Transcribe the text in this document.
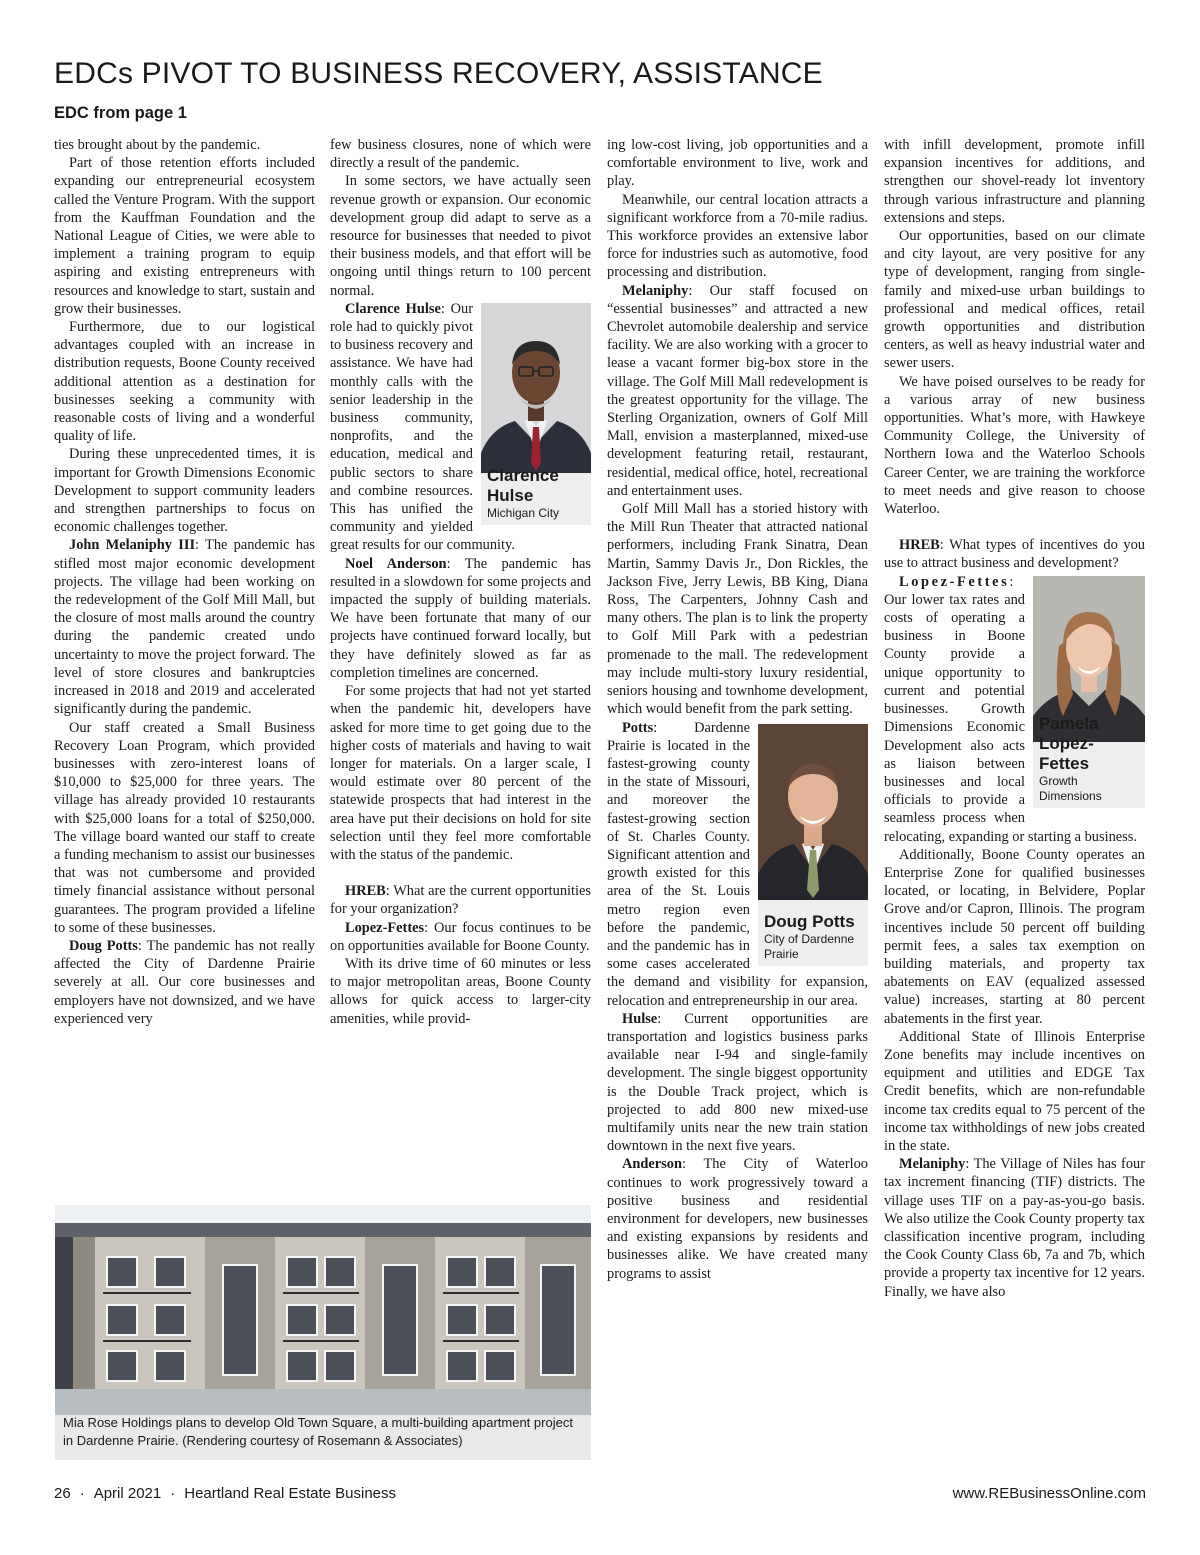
EDCs PIVOT TO BUSINESS RECOVERY, ASSISTANCE
EDC from page 1

ties brought about by the pandemic.

Part of those retention efforts included expanding our entrepreneurial ecosystem called the Venture Program. With the support from the Kauffman Foundation and the National League of Cities, we were able to implement a training program to equip aspiring and existing entrepreneurs with resources and knowledge to start, sustain and grow their businesses.

Furthermore, due to our logistical advantages coupled with an increase in distribution requests, Boone County received additional attention as a destination for businesses seeking a community with reasonable costs of living and a wonderful quality of life.

During these unprecedented times, it is important for Growth Dimensions Economic Development to support community leaders and strengthen partnerships to focus on economic challenges together.

John Melaniphy III: The pandemic has stifled most major economic development projects. The village had been working on the redevelopment of the Golf Mill Mall, but the closure of most malls around the country during the pandemic created undo uncertainty to move the project forward. The level of store closures and bankruptcies increased in 2018 and 2019 and accelerated significantly during the pandemic.

Our staff created a Small Business Recovery Loan Program, which provided businesses with zero-interest loans of $10,000 to $25,000 for three years. The village has already provided 10 restaurants with $25,000 loans for a total of $250,000. The village board wanted our staff to create a funding mechanism to assist our businesses that was not cumbersome and provided timely financial assistance without personal guarantees. The program provided a lifeline to some of these businesses.

Doug Potts: The pandemic has not really affected the City of Dardenne Prairie severely at all. Our core businesses and employers have not downsized, and we have experienced very

few business closures, none of which were directly a result of the pandemic.

In some sectors, we have actually seen revenue growth or expansion. Our economic development group did adapt to serve as a resource for businesses that needed to pivot their business models, and that effort will be ongoing until things return to 100 percent normal.

Clarence Hulse
Michigan City
Clarence Hulse: Our role had to quickly pivot to business recovery and assistance. We have had monthly calls with the senior leadership in the business community, nonprofits, and the education, medical and public sectors to share and combine resources. This has unified the community and yielded great results for our community.

Noel Anderson: The pandemic has resulted in a slowdown for some projects and impacted the supply of building materials. We have been fortunate that many of our projects have continued forward locally, but they have definitely slowed as far as completion timelines are concerned.

For some projects that had not yet started when the pandemic hit, developers have asked for more time to get going due to the higher costs of materials and having to wait longer for materials. On a larger scale, I would estimate over 80 percent of the statewide prospects that had interest in the area have put their decisions on hold for site selection until they feel more comfortable with the status of the pandemic.

HREB: What are the current opportunities for your organization?

Lopez-Fettes: Our focus continues to be on opportunities available for Boone County.

With its drive time of 60 minutes or less to major metropolitan areas, Boone County allows for quick access to larger-city amenities, while provid-

ing low-cost living, job opportunities and a comfortable environment to live, work and play.

Meanwhile, our central location attracts a significant workforce from a 70-mile radius. This workforce provides an extensive labor force for industries such as automotive, food processing and distribution.

Melaniphy: Our staff focused on “essential businesses” and attracted a new Chevrolet automobile dealership and service facility. We are also working with a grocer to lease a vacant former big-box store in the village. The Golf Mill Mall redevelopment is the greatest opportunity for the village. The Sterling Organization, owners of Golf Mill Mall, envision a masterplanned, mixed-use development featuring retail, restaurant, residential, medical office, hotel, recreational and entertainment uses.

Golf Mill Mall has a storied history with the Mill Run Theater that attracted national performers, including Frank Sinatra, Dean Martin, Sammy Davis Jr., Don Rickles, the Jackson Five, Jerry Lewis, BB King, Diana Ross, The Carpenters, Johnny Cash and many others. The plan is to link the property to Golf Mill Park with a pedestrian promenade to the mall. The redevelopment may include multi-story luxury residential, seniors housing and townhome development, which would benefit from the park setting.

Doug Potts
City of Dardenne Prairie
Potts: Dardenne Prairie is located in the fastest-growing county in the state of Missouri, and moreover the fastest-growing section of St. Charles County. Significant attention and growth existed for this area of the St. Louis metro region even before the pandemic, and the pandemic has in some cases accelerated the demand and visibility for expansion, relocation and entrepreneurship in our area.

Hulse: Current opportunities are transportation and logistics business parks available near I-94 and single-family development. The single biggest opportunity is the Double Track project, which is projected to add 800 new mixed-use multifamily units near the new train station downtown in the next five years.

Anderson: The City of Waterloo continues to work progressively toward a positive business and residential environment for developers, new businesses and existing expansions by residents and businesses alike. We have created many programs to assist

with infill development, promote infill expansion incentives for additions, and strengthen our shovel-ready lot inventory through various infrastructure and planning extensions and steps.

Our opportunities, based on our climate and city layout, are very positive for any type of development, ranging from single-family and mixed-use urban buildings to professional and medical offices, retail growth opportunities and distribution centers, as well as heavy industrial water and sewer users.

We have poised ourselves to be ready for a various array of new business opportunities. What’s more, with Hawkeye Community College, the University of Northern Iowa and the Waterloo Schools Career Center, we are training the workforce to meet needs and give reason to choose Waterloo.

HREB: What types of incentives do you use to attract business and development?

Pamela Lopez-Fettes
Growth Dimensions
Lopez-Fettes: Our lower tax rates and costs of operating a business in Boone County provide a unique opportunity to current and potential businesses. Growth Dimensions Economic Development also acts as liaison between businesses and local officials to provide a seamless process when relocating, expanding or starting a business.

Additionally, Boone County operates an Enterprise Zone for qualified businesses located, or locating, in Belvidere, Poplar Grove and/or Capron, Illinois. The program incentives include 50 percent off building permit fees, a sales tax exemption on building materials, and property tax abatements on EAV (equalized assessed value) increases, starting at 80 percent abatements in the first year.

Additional State of Illinois Enterprise Zone benefits may include incentives on equipment and utilities and EDGE Tax Credit benefits, which are non-refundable income tax credits equal to 75 percent of the income tax withholdings of new jobs created in the state.

Melaniphy: The Village of Niles has four tax increment financing (TIF) districts. The village uses TIF on a pay-as-you-go basis. We also utilize the Cook County property tax classification incentive program, including the Cook County Class 6b, 7a and 7b, which provide a property tax incentive for 12 years. Finally, we have also

Mia Rose Holdings plans to develop Old Town Square, a multi-building apartment project in Dardenne Prairie. (Rendering courtesy of Rosemann & Associates)
26 · April 2021 · Heartland Real Estate Business	www.REBusinessOnline.com
